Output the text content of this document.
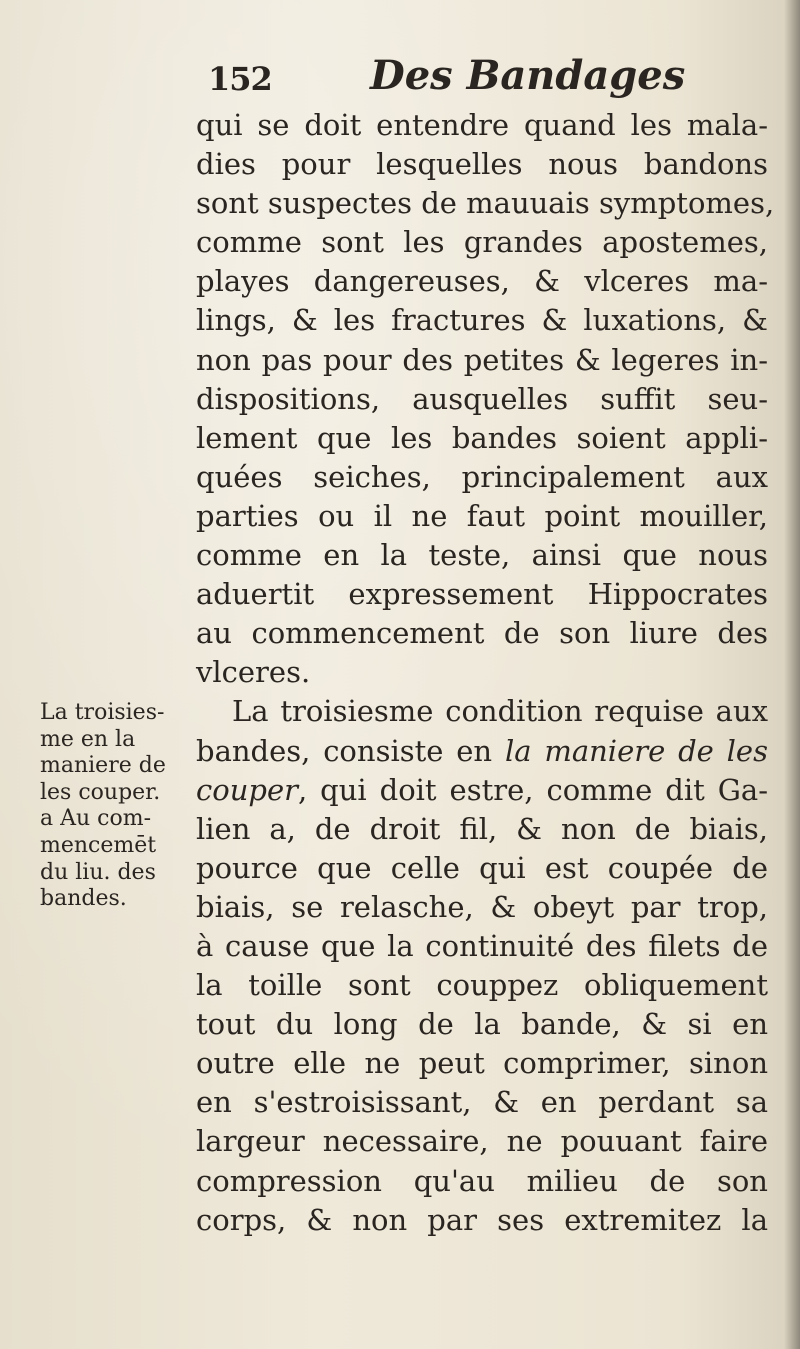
152 Des Bandages
qui se doit entendre quand les mala-
dies pour lesquelles nous bandons
sont suspectes de mauuais symptomes,
comme sont les grandes apostemes,
playes dangereuses, & vlceres ma-
lings, & les fractures & luxations, &
non pas pour des petites & legeres in-
dispositions, ausquelles suffit seu-
lement que les bandes soient appli-
quées seiches, principalement aux
parties ou il ne faut point mouiller,
comme en la teste, ainsi que nous
aduertit expressement Hippocrates
au commencement de son liure des
vlceres.
La troisiesme condition requise aux
bandes, consiste en la maniere de les
couper, qui doit estre, comme dit Ga-
lien a, de droit fil, & non de biais,
pource que celle qui est coupée de
biais, se relasche, & obeyt par trop,
à cause que la continuité des filets de
la toille sont couppez obliquement
tout du long de la bande, & si en
outre elle ne peut comprimer, sinon
en s'estroisissant, & en perdant sa
largeur necessaire, ne pouuant faire
compression qu'au milieu de son
corps, & non par ses extremitez la
La troisies-
me en la
maniere de
les couper.
a Au com-
mencemēt
du liu. des
bandes.
